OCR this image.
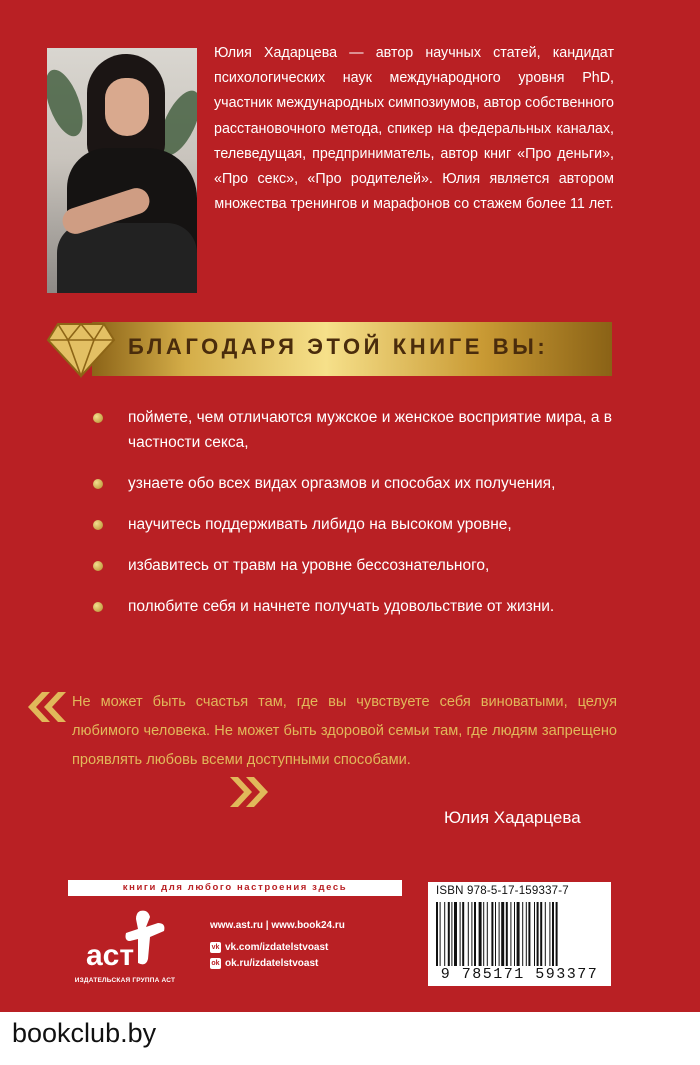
Юлия Хадарцева — автор научных статей, кандидат психологических наук международного уровня PhD, участник международных симпозиумов, автор собственного расстановочного метода, спикер на федеральных каналах, телеведущая, предприниматель, автор книг «Про деньги», «Про секс», «Про родителей». Юлия является автором множества тренингов и марафонов со стажем более 11 лет.

БЛАГОДАРЯ ЭТОЙ КНИГЕ ВЫ:
поймете, чем отличаются мужское и женское восприятие мира, а в частности секса,
узнаете обо всех видах оргазмов и способах их получения,
научитесь поддерживать либидо на высоком уровне,
избавитесь от травм на уровне бессознательного,
полюбите себя и начнете получать удовольствие от жизни.

Не может быть счастья там, где вы чувствуете себя виноватыми, целуя любимого человека. Не может быть здоровой семьи там, где людям запрещено проявлять любовь всеми доступными способами.

Юлия Хадарцева
книги для любого настроения здесь
аст
ИЗДАТЕЛЬСКАЯ ГРУППА АСТ
www.ast.ru | www.book24.ru
vk vk.com/izdatelstvoast
ok ok.ru/izdatelstvoast
ISBN 978-5-17-159337-7
9 785171 593377
bookclub.by
